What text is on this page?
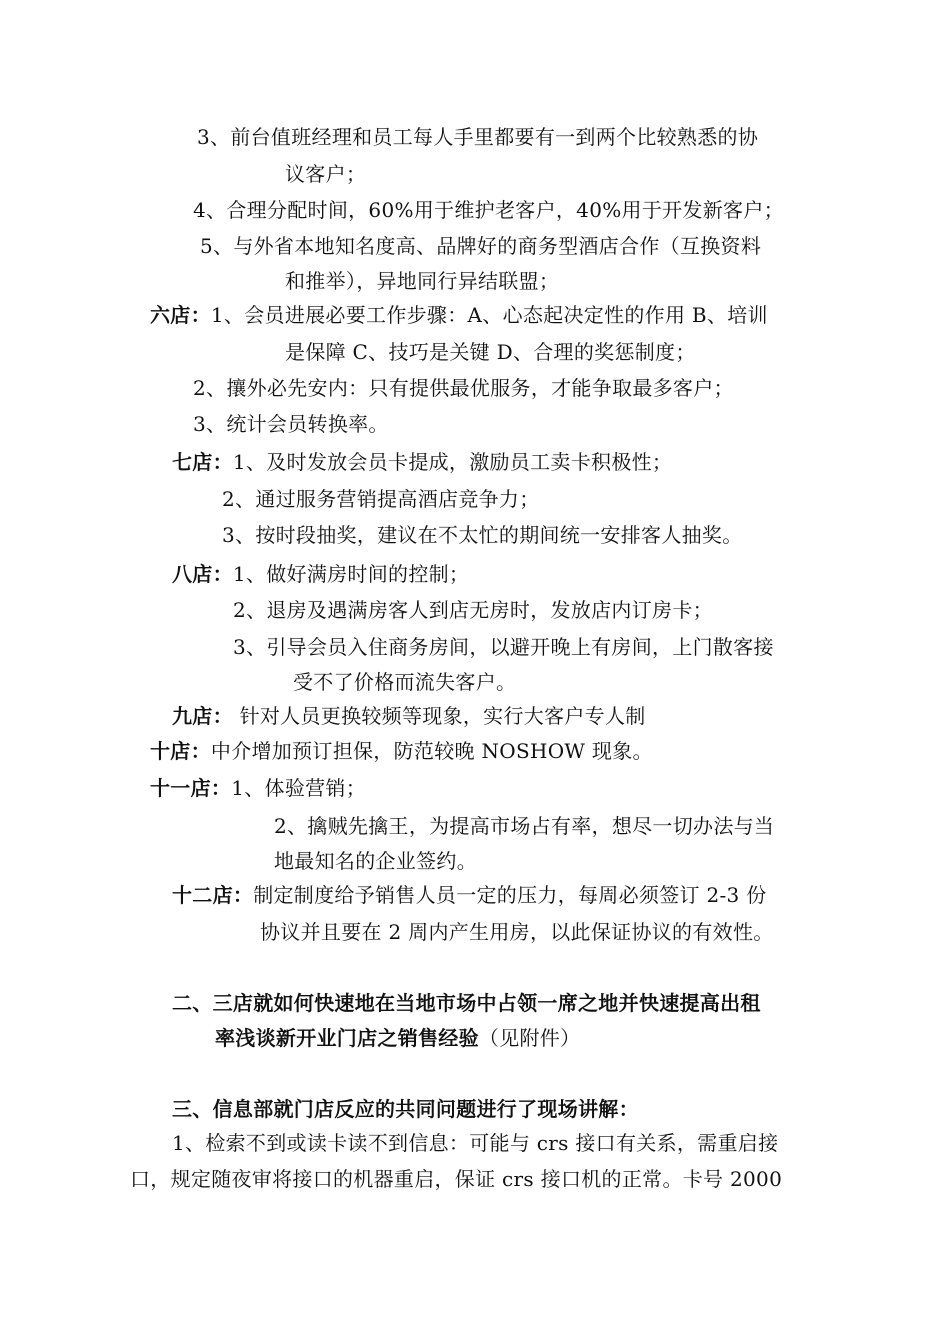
3、前台值班经理和员工每人手里都要有一到两个比较熟悉的协
议客户；
4、合理分配时间，60%用于维护老客户，40%用于开发新客户；
5、与外省本地知名度高、品牌好的商务型酒店合作（互换资料
和推举），异地同行异结联盟；
六店：1、会员进展必要工作步骤：A、心态起决定性的作用 B、培训
是保障 C、技巧是关键 D、合理的奖惩制度；
2、攘外必先安内：只有提供最优服务，才能争取最多客户；
3、统计会员转换率。
七店：1、及时发放会员卡提成，激励员工卖卡积极性；
2、通过服务营销提高酒店竞争力；
3、按时段抽奖，建议在不太忙的期间统一安排客人抽奖。
八店：1、做好满房时间的控制；
2、退房及遇满房客人到店无房时，发放店内订房卡；
3、引导会员入住商务房间，以避开晚上有房间，上门散客接
受不了价格而流失客户。
九店： 针对人员更换较频等现象，实行大客户专人制
十店：中介增加预订担保，防范较晚 NOSHOW 现象。
十一店：1、体验营销；
2、擒贼先擒王，为提高市场占有率，想尽一切办法与当
地最知名的企业签约。
十二店：制定制度给予销售人员一定的压力，每周必须签订 2-3 份
协议并且要在 2 周内产生用房，以此保证协议的有效性。
二、三店就如何快速地在当地市场中占领一席之地并快速提高出租
率浅谈新开业门店之销售经验（见附件）
三、信息部就门店反应的共同问题进行了现场讲解：
1、检索不到或读卡读不到信息：可能与 crs 接口有关系，需重启接
口，规定随夜审将接口的机器重启，保证 crs 接口机的正常。卡号 2000
